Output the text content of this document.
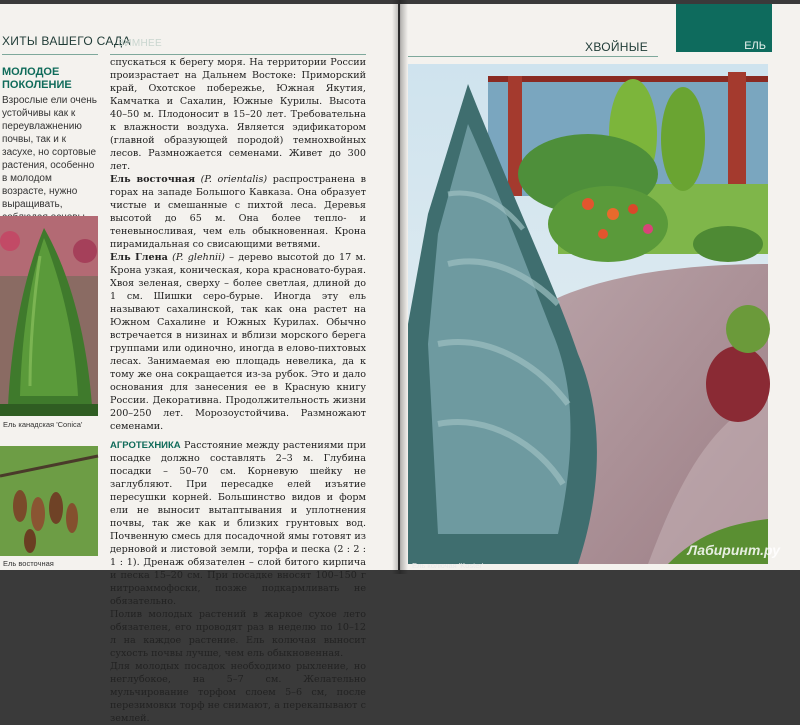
ХИТЫ ВАШЕГО САДА
ЗИМНЕЕ
МОЛОДОЕ
ПОКОЛЕНИЕ
Взрослые ели очень устойчивы как к переувлажнению почвы, так и к засухе, но сортовые растения, особенно в молодом возрасте, нужно выращивать,
Ель канадская 'Conica'
Ель восточная

спускаться к берегу моря. На территории России произрастает на Дальнем Востоке: Приморский край, Охотское побережье, Южная Якутия, Камчатка и Сахалин, Южные Курилы. Высота 40–50 м. Плодоносит в 15–20 лет. Требовательна к влажности воздуха. Является эдификатором (главной образующей породой) темнохвойных лесов. Размножается семенами. Живет до 300 лет.

Ель восточная (P. orientalis) распространена в горах на западе Большого Кавказа. Она образует чистые и смешанные с пихтой леса. Деревья высотой до 65 м. Она более тепло- и теневыносливая, чем ель обыкновенная. Крона пирамидальная со свисающими ветвями.

Ель Глена (P. glehnii) – дерево высотой до 17 м. Крона узкая, коническая, кора красновато-бурая. Хвоя зеленая, сверху – более светлая, длиной до 1 см. Шишки серо-бурые. Иногда эту ель называют сахалинской, так как она растет на Южном Сахалине и Южных Курилах. Обычно встречается в низинах и вблизи морского берега группами или одиночно, иногда в елово-пихтовых лесах. Занимаемая ею площадь невелика, да к тому же она сокращается из-за рубок. Это и дало основания для занесения ее в Красную книгу России. Декоративна. Продолжительность жизни 200–250 лет. Морозоустойчива. Размножают семенами.

АГРОТЕХНИКА Расстояние между растениями при посадке должно составлять 2–3 м. Глубина посадки – 50–70 см. Корневую шейку не заглубляют. При пересадке елей изъятие пересушки корней. Большинство видов и форм ели не выносит вытаптывания и уплотнения почвы, так же как и близких грунтовых вод. Почвенную смесь для посадочной ямы готовят из дерновой и листовой земли, торфа и песка (2 : 2 : 1 : 1). Дренаж обязателен – слой битого кирпича и песка 15–20 см. При посадке вносят 100–150 г нитроаммофоски, позже подкармливать не обязательно.

Полив молодых растений в жаркое сухое лето обязателен, его проводят раз в неделю по 10–12 л на каждое растение. Ель колючая выносит сухость почвы лучше, чем ель обыкновенная.

Для молодых посадок необходимо рыхление, но неглубокое, на 5–7 см. Желательно мульчирование торфом слоем 5–6 см, после перезимовки торф не снимают, а перекапывают с землей.

ЕЛЬ
ХВОЙНЫЕ
Ель колючая 'Koster'
Лабиринт.ру
